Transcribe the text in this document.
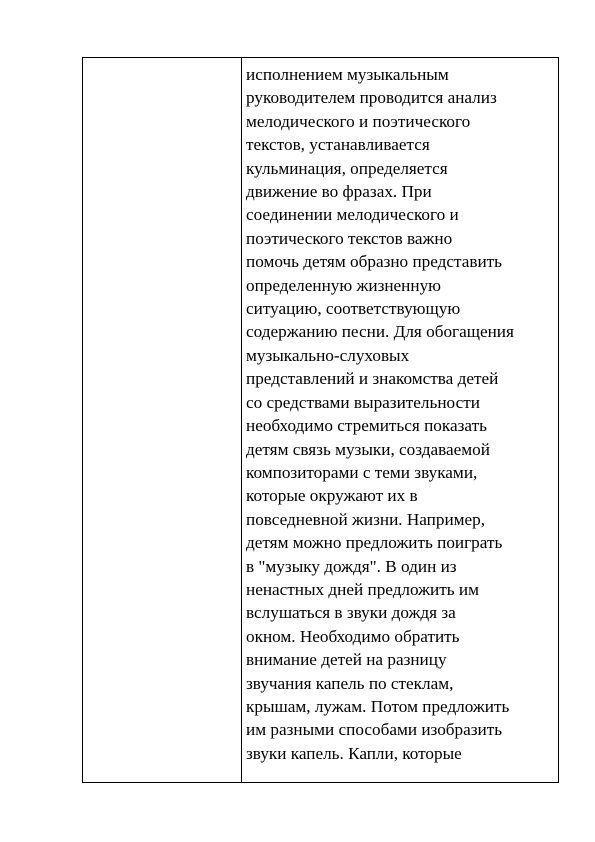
исполнением музыкальным
руководителем проводится анализ
мелодического и поэтического
текстов, устанавливается
кульминация, определяется
движение во фразах. При
соединении мелодического и
поэтического текстов важно
помочь детям образно представить
определенную жизненную
ситуацию, соответствующую
содержанию песни. Для обогащения
музыкально-слуховых
представлений и знакомства детей
со средствами выразительности
необходимо стремиться показать
детям связь музыки, создаваемой
композиторами с теми звуками,
которые окружают их в
повседневной жизни. Например,
детям можно предложить поиграть
в "музыку дождя". В один из
ненастных дней предложить им
вслушаться в звуки дождя за
окном. Необходимо обратить
внимание детей на разницу
звучания капель по стеклам,
крышам, лужам. Потом предложить
им разными способами изобразить
звуки капель. Капли, которые
